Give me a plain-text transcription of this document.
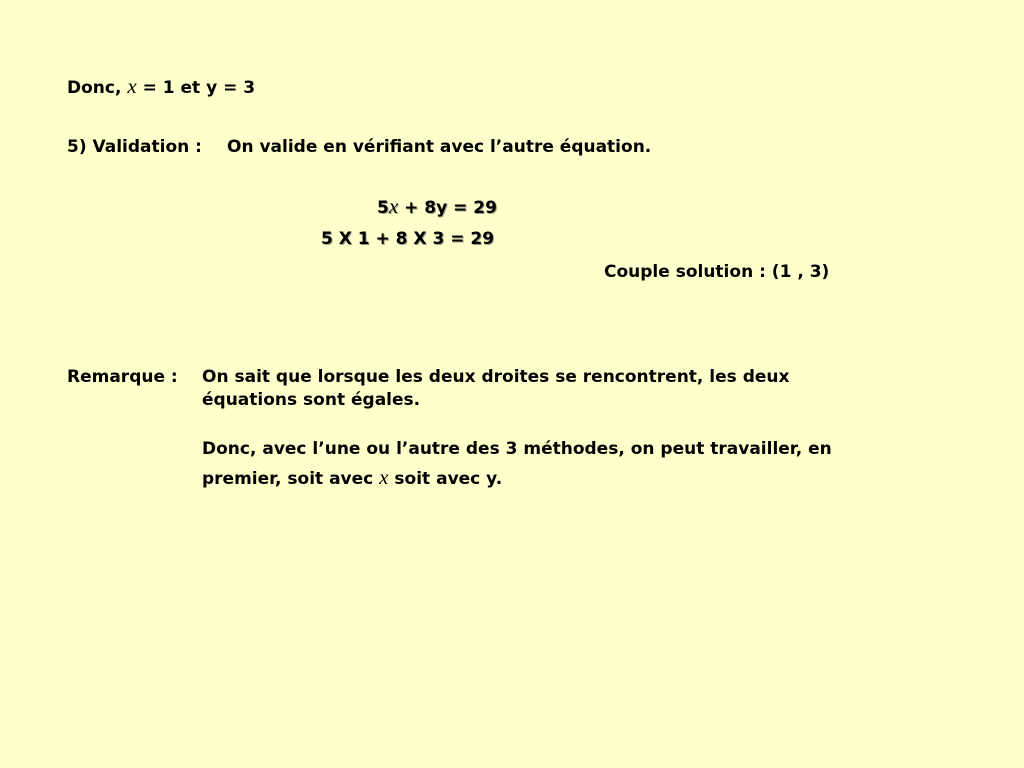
Donc, x = 1 et y = 3
5) Validation : On valide en vérifiant avec l’autre équation.
5x + 8y = 29
5 X 1 + 8 X 3 = 29
Couple solution : (1 , 3)
Remarque : On sait que lorsque les deux droites se rencontrent, les deux
équations sont égales.
Donc, avec l’une ou l’autre des 3 méthodes, on peut travailler, en
premier, soit avec x soit avec y.
